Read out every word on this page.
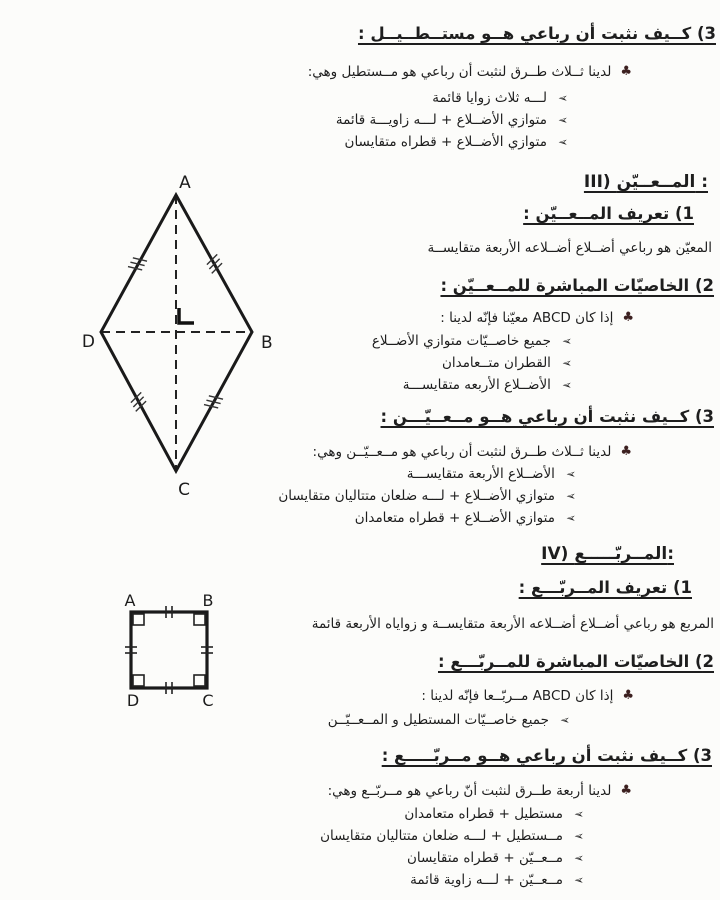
3) كــيف نثبت أن رباعي هــو مستــطــيــل :
♣لدينا ثــلاث طــرق لنثبت أن رباعي هو مــستطيل وهي:
➢لـــه ثلاث زوايا قائمة
➢متوازي الأضــلاع + لـــه زاويـــة قائمة
➢متوازي الأضــلاع + قطراه متقايسان
III) المــعــيّن :
1) تعريف المــعــيّن :
المعيّن هو رباعي أضــلاع أضــلاعه الأربعة متقايســة
2) الخاصيّات المباشرة للمــعــيّن :
♣إذا كان ABCD معيّنا فإنّه لدينا :
➢جميع خاصــيّات متوازي الأضــلاع
➢القطران متــعامدان
➢الأضــلاع الأربعه متقايســـة
3) كــيف نثبت أن رباعي هــو مــعــيّـــن :
♣لدينا ثــلاث طــرق لنثبت أن رباعي هو مــعــيّــن وهي:
➢الأضــلاع الأربعة متقايســـة
➢متوازي الأضــلاع + لـــه ضلعان متتاليان متقايسان
➢متوازي الأضــلاع + قطراه متعامدان
IV) المــربّـــــع:
1) تعريف المــربّـــع :
المربع هو رباعي أضــلاع أضــلاعه الأربعة متقايســة و زواياه الأربعة قائمة
2) الخاصيّات المباشرة للمــربّـــع :
♣إذا كان ABCD مــربّــعا فإنّه لدينا :
➢جميع خاصــيّات المستطيل و المــعــيّــن
3) كــيف نثبت أن رباعي هــو مــربّـــــع :
♣لدينا أربعة طــرق لنثبت أنّ رباعي هو مــربّــع وهي:
➢مستطيل + قطراه متعامدان
➢مــستطيل + لـــه ضلعان متتاليان متقايسان
➢مــعــيّن + قطراه متقايسان
➢مــعــيّن + لـــه زاوية قائمة
A
B
C
D
A	B
C
D
